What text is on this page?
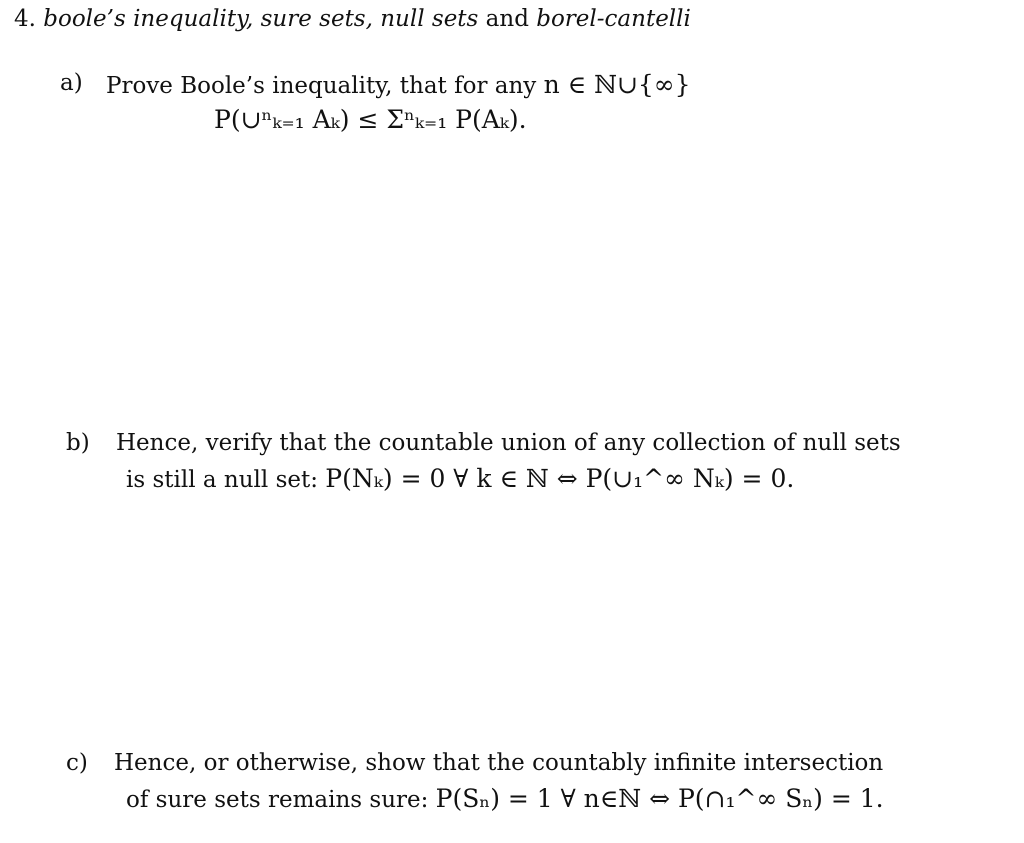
4. boole’s inequality, sure sets, null sets and borel-cantelli
a) Prove Boole’s inequality, that for any n ∈ ℕ∪{∞}
P(∪ⁿₖ₌₁ Aₖ) ≤ Σⁿₖ₌₁ P(Aₖ).
b) Hence, verify that the countable union of any collection of null sets
is still a null set: P(Nₖ) = 0 ∀ k ∈ ℕ ⇔ P(∪₁^∞ Nₖ) = 0.
c) Hence, or otherwise, show that the countably infinite intersection
of sure sets remains sure: P(Sₙ) = 1 ∀ n∈ℕ ⇔ P(∩₁^∞ Sₙ) = 1.
